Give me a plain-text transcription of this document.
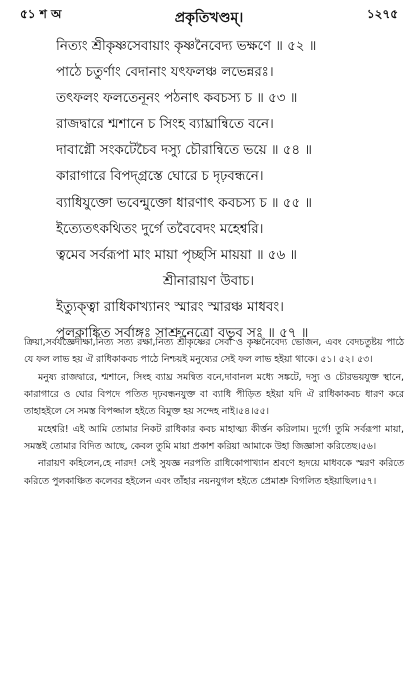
৫১ শ অ	প্রকৃতিখণ্ডম্।	১২৭৫
নিত্যং শ্রীকৃষ্ণসেবায়াং কৃষ্ণনৈবেদ্য ভক্ষণে ॥ ৫২ ॥
পাঠে চতুর্ণাং বেদানাং যৎফলঞ্চ লভেন্নরঃ।
তৎফলং ফলতেনূনং পঠনাৎ কবচস্য চ ॥ ৫৩ ॥
রাজদ্বারে শ্মশানে চ সিংহ ব্যাঘ্রান্বিতে বনে।
দাবাগ্নৌ সংকটেচৈব দস্যু চৌরান্বিতে ভয়ে ॥ ৫৪ ॥
কারাগারে বিপদ্গ্রস্তে ঘোরে চ দৃঢ়বন্ধনে।
ব্যাধিযুক্তো ভবেন্মুক্তো ধারণাৎ কবচস্য চ ॥ ৫৫ ॥
ইত্যেতৎকথিতং দুর্গে তবৈবেদং মহেশ্বরি।
ত্বমেব সর্বরূপা মাং মায়া পৃচ্ছসি মায়য়া ॥ ৫৬ ॥
শ্রীনারায়ণ উবাচ।
ইত্যুক্ত্বা রাধিকাখ্যানং স্মারং স্মারঞ্চ মাধবং।
পুলকাঙ্কিত সর্বাঙ্গঃ সাশ্রুনেত্রো বভূব সঃ ॥ ৫৭ ॥

ক্রিয়া,সর্বযজ্ঞেদীক্ষা,নিত্য সত্য রক্ষা,নিত্য শ্রীকৃষ্ণের সেবা ও কৃষ্ণনৈবেদ্য ভোজন, এবং বেদচতুষ্টয় পাঠে যে ফল লাভ হয় ঐ রাধিকাকবচ পাঠে নিশ্চয়ই মনুষ্যের সেই ফল লাভ হইয়া থাকে। ৫১। ৫২। ৫৩।

মনুষ্য রাজদ্বারে, শ্মশানে, সিংহ ব্যাঘ্র সমন্বিত বনে,দাবানল মধ্যে সঙ্কটে, দস্যু ও চৌরভয়যুক্ত স্থানে, কারাগারে ও ঘোর বিপদে পতিত দৃঢ়বন্ধনযুক্ত বা ব্যাধি পীড়িত হইয়া যদি ঐ রাধিকাকবচ ধারণ করে তাহাহইলে সে সমস্ত বিপজ্জাল হইতে বিমুক্ত হয় সন্দেহ নাই।৫৪।৫৫।

মহেশ্বরি! এই আমি তোমার নিকট রাধিকার কবচ মাহাত্ম্য কীর্ত্তন করিলাম। দুর্গে! তুমি সর্বরূপা মায়া, সমস্তই তোমার বিদিত আছে, কেবল তুমি মায়া প্রকাশ করিয়া আমাকে উহা জিজ্ঞাসা করিতেছ।৫৬।

নারায়ণ কহিলেন,হে নারদ! সেই সুযজ্ঞ নরপতি রাধিকোপাখ্যান শ্রবণে হৃদয়ে মাধবকে স্মরণ করিতে করিতে পুলকাঞ্চিত কলেবর হইলেন এবং তাঁহার নয়নযুগল হইতে প্রেমাশ্রু বিগলিত হইয়াছিল।৫৭।
